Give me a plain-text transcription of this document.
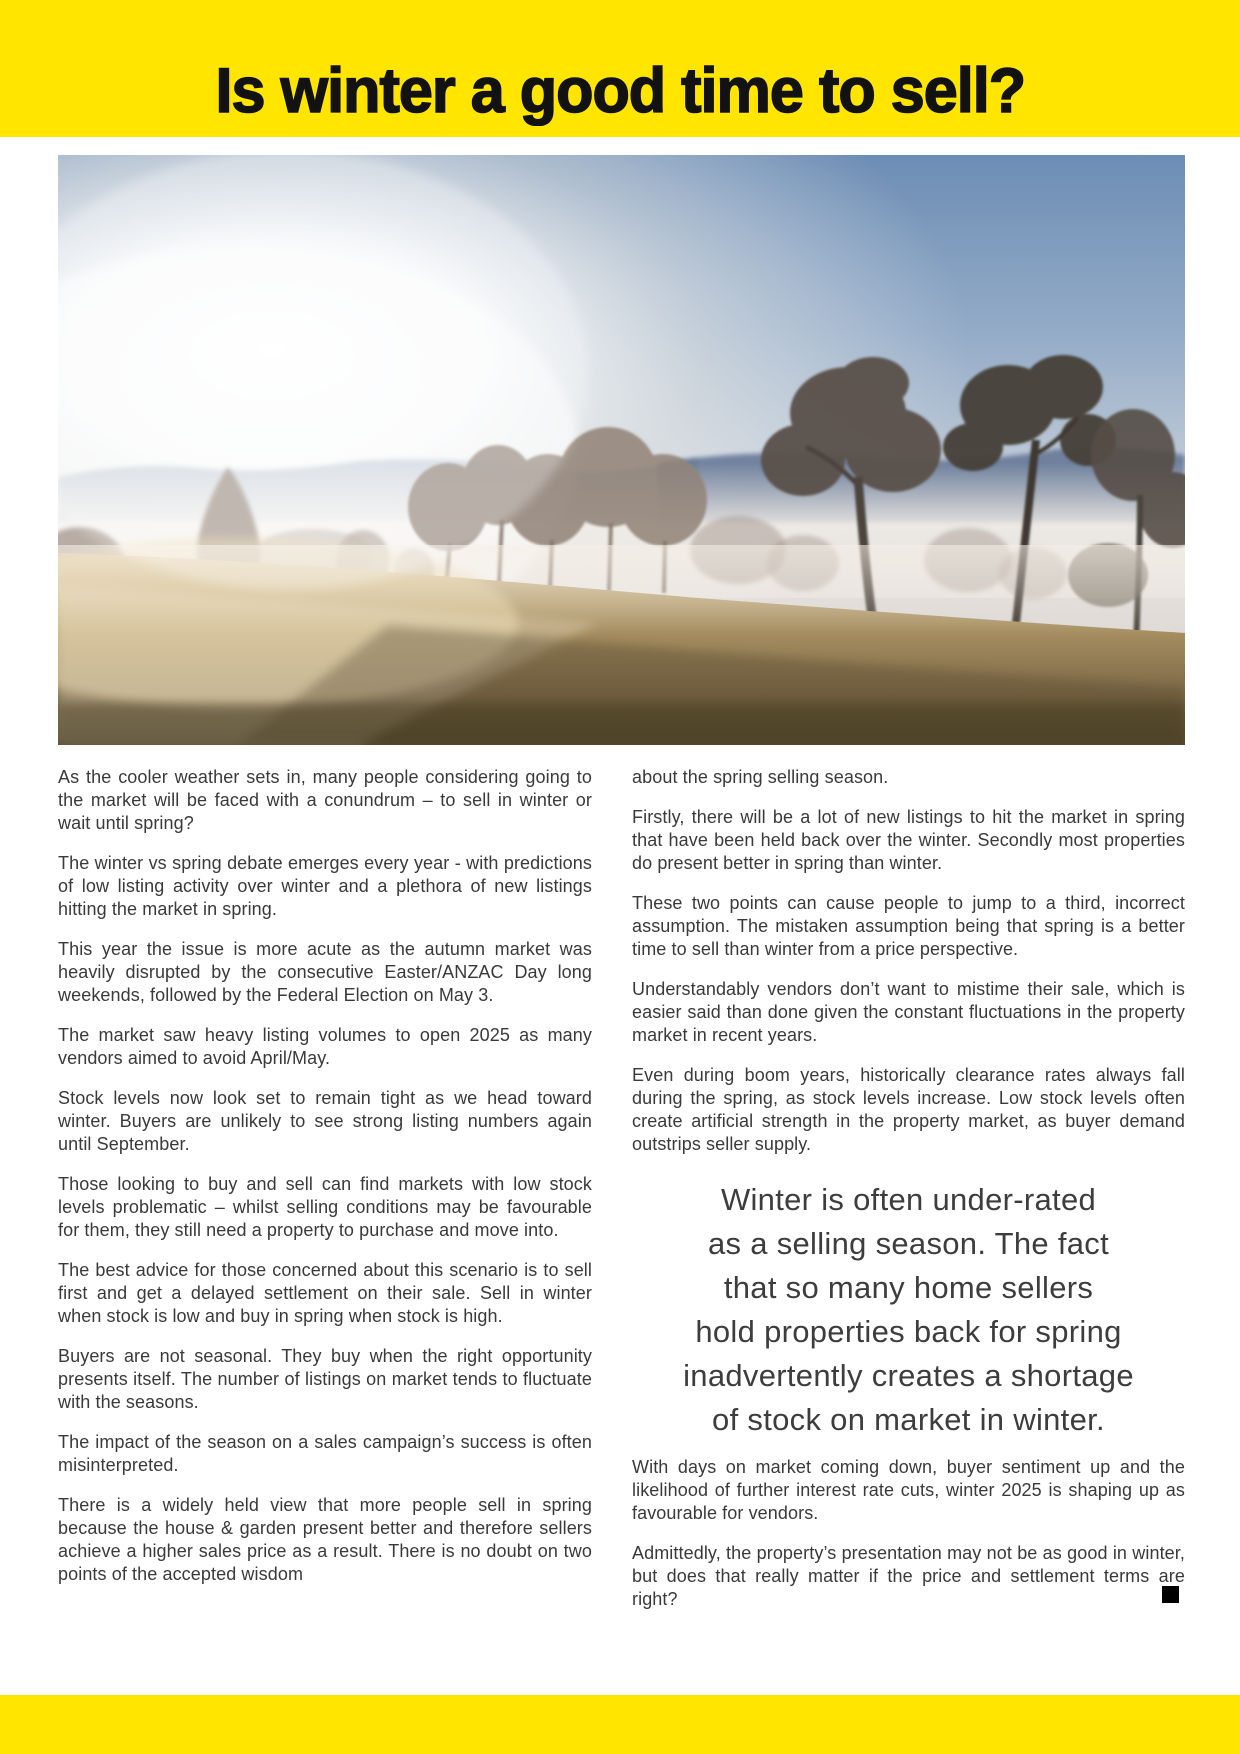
Is winter a good time to sell?

As the cooler weather sets in, many people considering going to the market will be faced with a conundrum – to sell in winter or wait until spring?

The winter vs spring debate emerges every year - with predictions of low listing activity over winter and a plethora of new listings hitting the market in spring.

This year the issue is more acute as the autumn market was heavily disrupted by the consecutive Easter/ANZAC Day long weekends, followed by the Federal Election on May 3.

The market saw heavy listing volumes to open 2025 as many vendors aimed to avoid April/May.

Stock levels now look set to remain tight as we head toward winter. Buyers are unlikely to see strong listing numbers again until September.

Those looking to buy and sell can find markets with low stock levels problematic – whilst selling conditions may be favourable for them, they still need a property to purchase and move into.

The best advice for those concerned about this scenario is to sell first and get a delayed settlement on their sale. Sell in winter when stock is low and buy in spring when stock is high.

Buyers are not seasonal. They buy when the right opportunity presents itself. The number of listings on market tends to fluctuate with the seasons.

The impact of the season on a sales campaign’s success is often misinterpreted.

There is a widely held view that more people sell in spring because the house & garden present better and therefore sellers achieve a higher sales price as a result. There is no doubt on two points of the accepted wisdom

about the spring selling season.

Firstly, there will be a lot of new listings to hit the market in spring that have been held back over the winter. Secondly most properties do present better in spring than winter.

These two points can cause people to jump to a third, incorrect assumption. The mistaken assumption being that spring is a better time to sell than winter from a price perspective.

Understandably vendors don’t want to mistime their sale, which is easier said than done given the constant fluctuations in the property market in recent years.

Even during boom years, historically clearance rates always fall during the spring, as stock levels increase. Low stock levels often create artificial strength in the property market, as buyer demand outstrips seller supply.

Winter is often under-rated
as a selling season. The fact
that so many home sellers
hold properties back for spring
inadvertently creates a shortage
of stock on market in winter.

With days on market coming down, buyer sentiment up and the likelihood of further interest rate cuts, winter 2025 is shaping up as favourable for vendors.

Admittedly, the property’s presentation may not be as good in winter, but does that really matter if the price and settlement terms are right?
